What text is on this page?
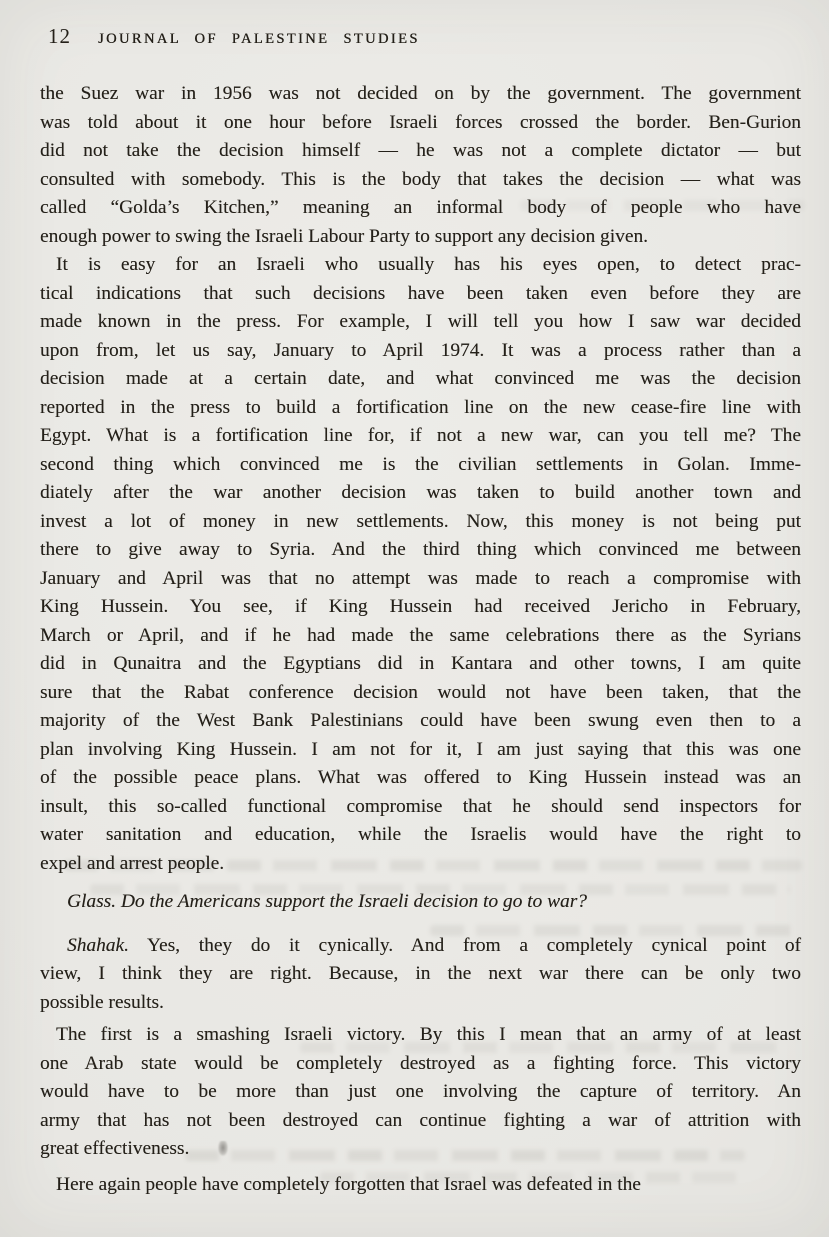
12 JOURNAL OF PALESTINE STUDIES
the Suez war in 1956 was not decided on by the government. The government
was told about it one hour before Israeli forces crossed the border. Ben-Gurion
did not take the decision himself — he was not a complete dictator — but
consulted with somebody. This is the body that takes the decision — what was
called “Golda’s Kitchen,” meaning an informal body of people who have
enough power to swing the Israeli Labour Party to support any decision given.
It is easy for an Israeli who usually has his eyes open, to detect prac-
tical indications that such decisions have been taken even before they are
made known in the press. For example, I will tell you how I saw war decided
upon from, let us say, January to April 1974. It was a process rather than a
decision made at a certain date, and what convinced me was the decision
reported in the press to build a fortification line on the new cease-fire line with
Egypt. What is a fortification line for, if not a new war, can you tell me? The
second thing which convinced me is the civilian settlements in Golan. Imme-
diately after the war another decision was taken to build another town and
invest a lot of money in new settlements. Now, this money is not being put
there to give away to Syria. And the third thing which convinced me between
January and April was that no attempt was made to reach a compromise with
King Hussein. You see, if King Hussein had received Jericho in February,
March or April, and if he had made the same celebrations there as the Syrians
did in Qunaitra and the Egyptians did in Kantara and other towns, I am quite
sure that the Rabat conference decision would not have been taken, that the
majority of the West Bank Palestinians could have been swung even then to a
plan involving King Hussein. I am not for it, I am just saying that this was one
of the possible peace plans. What was offered to King Hussein instead was an
insult, this so-called functional compromise that he should send inspectors for
water sanitation and education, while the Israelis would have the right to
expel and arrest people.
Glass. Do the Americans support the Israeli decision to go to war?
Shahak. Yes, they do it cynically. And from a completely cynical point of
view, I think they are right. Because, in the next war there can be only two
possible results.
The first is a smashing Israeli victory. By this I mean that an army of at least
one Arab state would be completely destroyed as a fighting force. This victory
would have to be more than just one involving the capture of territory. An
army that has not been destroyed can continue fighting a war of attrition with
great effectiveness.
Here again people have completely forgotten that Israel was defeated in the
